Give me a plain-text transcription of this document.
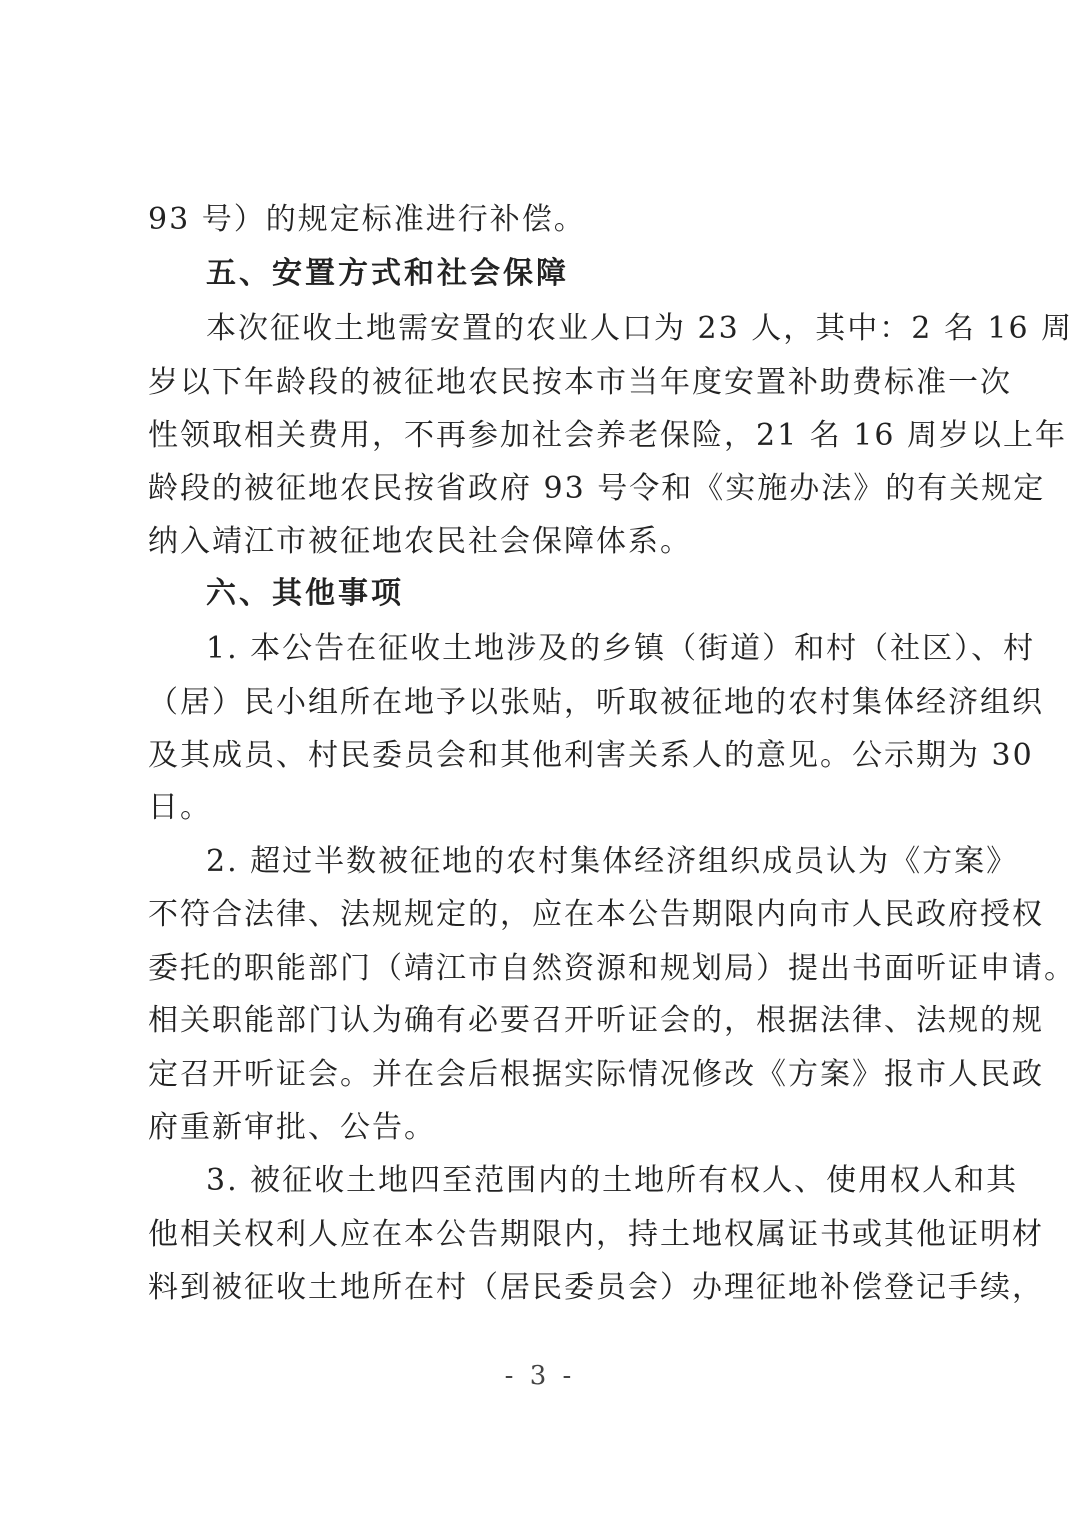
93 号）的规定标准进行补偿。
五、安置方式和社会保障
本次征收土地需安置的农业人口为 23 人，其中：2 名 16 周
岁以下年龄段的被征地农民按本市当年度安置补助费标准一次
性领取相关费用，不再参加社会养老保险，21 名 16 周岁以上年
龄段的被征地农民按省政府 93 号令和《实施办法》的有关规定
纳入靖江市被征地农民社会保障体系。
六、其他事项
1. 本公告在征收土地涉及的乡镇（街道）和村（社区）、村
（居）民小组所在地予以张贴，听取被征地的农村集体经济组织
及其成员、村民委员会和其他利害关系人的意见。公示期为 30
日。
2. 超过半数被征地的农村集体经济组织成员认为《方案》
不符合法律、法规规定的，应在本公告期限内向市人民政府授权
委托的职能部门（靖江市自然资源和规划局）提出书面听证申请。
相关职能部门认为确有必要召开听证会的，根据法律、法规的规
定召开听证会。并在会后根据实际情况修改《方案》报市人民政
府重新审批、公告。
3. 被征收土地四至范围内的土地所有权人、使用权人和其
他相关权利人应在本公告期限内，持土地权属证书或其他证明材
料到被征收土地所在村（居民委员会）办理征地补偿登记手续，
- 3 -
